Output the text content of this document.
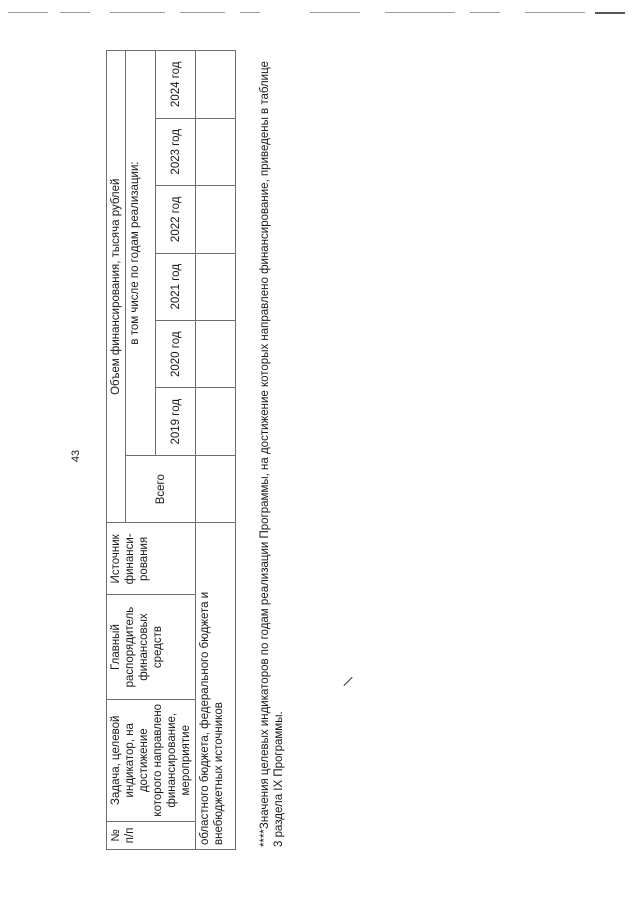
43
№ п/п	Задача, целевой индикатор, на достижение которого направлено финансирование, мероприятие	Главный распорядитель финансовых средств	Источник финанси-рования	Объем финансирования, тысяча рублей						
				Всего	в том числе по годам реализации:					
					2019 год	2020 год	2021 год	2022 год	2023 год	2024 год
областного бюджета, федерального бюджета и внебюджетных источников											****Значения целевых индикаторов по годам реализации Программы, на достижение которых направлено финансирование, приведены в таблице 3 раздела IX Программы.
